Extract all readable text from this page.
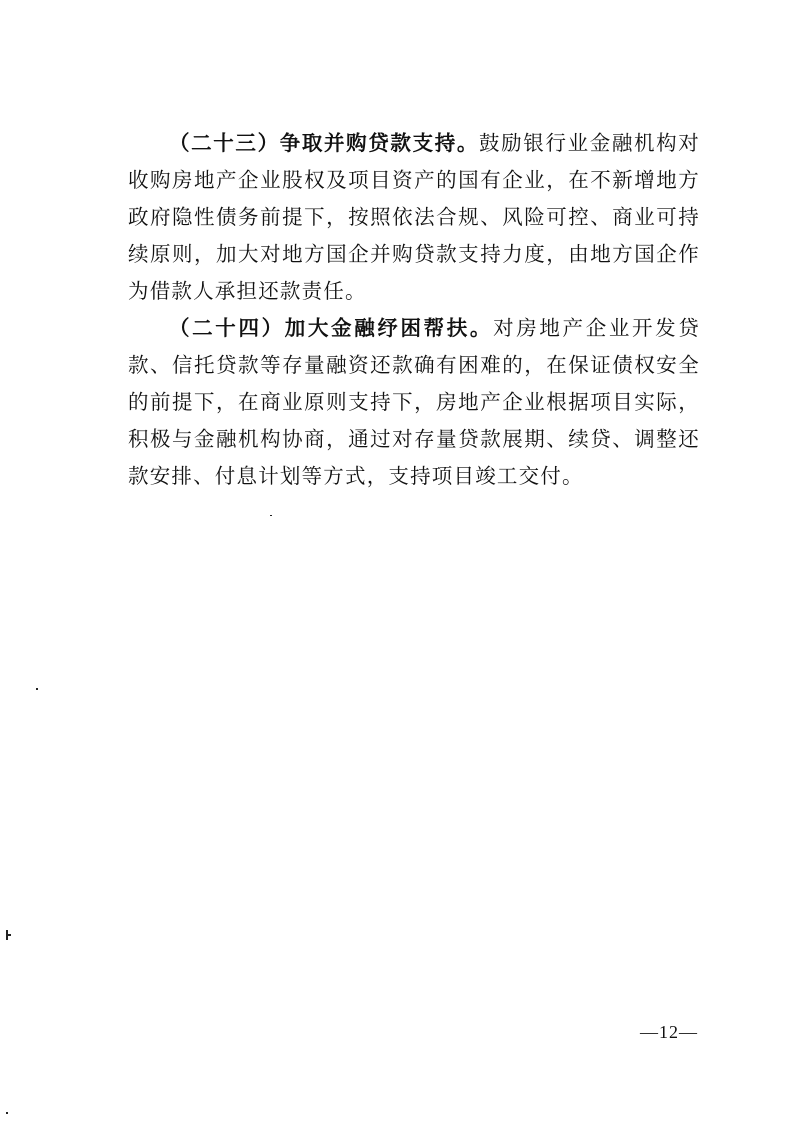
（二十三）争取并购贷款支持。鼓励银行业金融机构对收购房地产企业股权及项目资产的国有企业，在不新增地方政府隐性债务前提下，按照依法合规、风险可控、商业可持续原则，加大对地方国企并购贷款支持力度，由地方国企作为借款人承担还款责任。

（二十四）加大金融纾困帮扶。对房地产企业开发贷款、信托贷款等存量融资还款确有困难的，在保证债权安全的前提下，在商业原则支持下，房地产企业根据项目实际，积极与金融机构协商，通过对存量贷款展期、续贷、调整还款安排、付息计划等方式，支持项目竣工交付。

—12—
